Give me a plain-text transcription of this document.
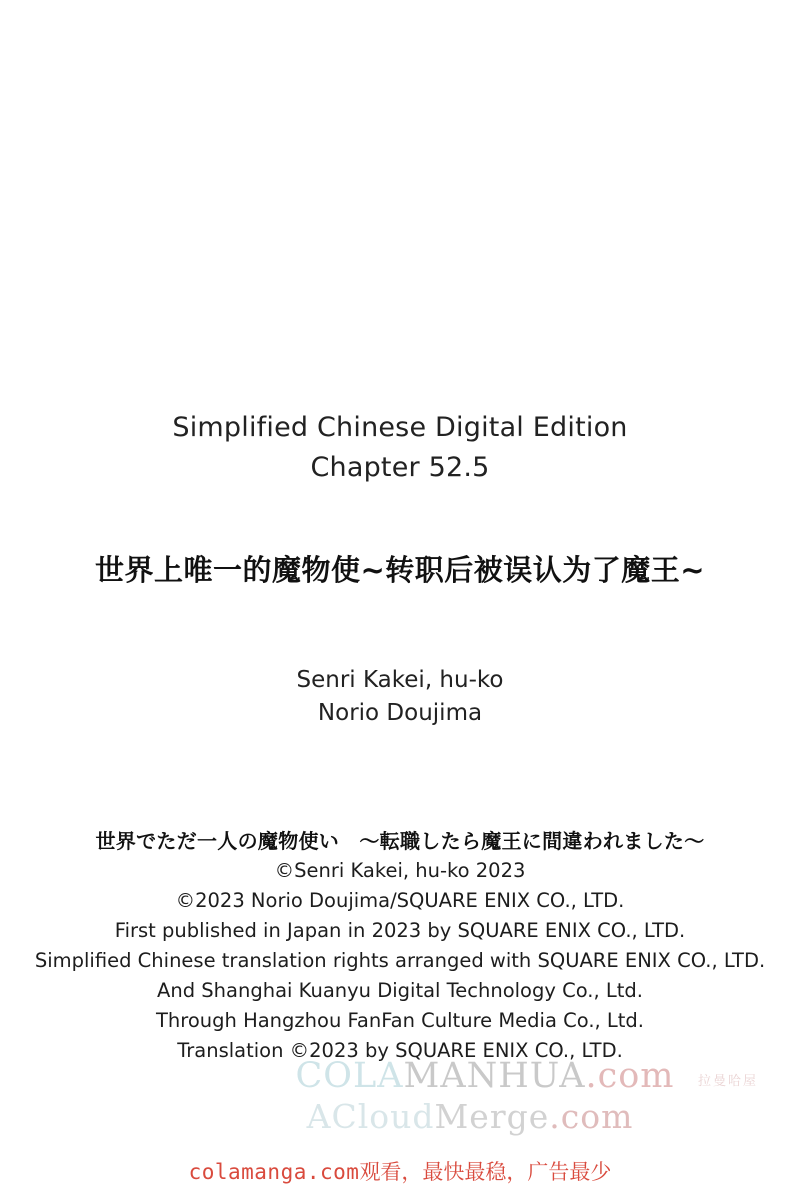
Simplified Chinese Digital Edition
Chapter 52.5
世界上唯一的魔物使~转职后被误认为了魔王~
Senri Kakei, hu-ko
Norio Doujima
世界でただ一人の魔物使い　～転職したら魔王に間違われました～
©Senri Kakei, hu-ko 2023
©2023 Norio Doujima/SQUARE ENIX CO., LTD.
First published in Japan in 2023 by SQUARE ENIX CO., LTD.
Simplified Chinese translation rights arranged with SQUARE ENIX CO., LTD.
And Shanghai Kuanyu Digital Technology Co., Ltd.
Through Hangzhou FanFan Culture Media Co., Ltd.
Translation ©2023 by SQUARE ENIX CO., LTD.
COLAMANHUA.com
ACloudMerge.com
拉曼哈屋
colamanga.com观看，最快最稳，广告最少
